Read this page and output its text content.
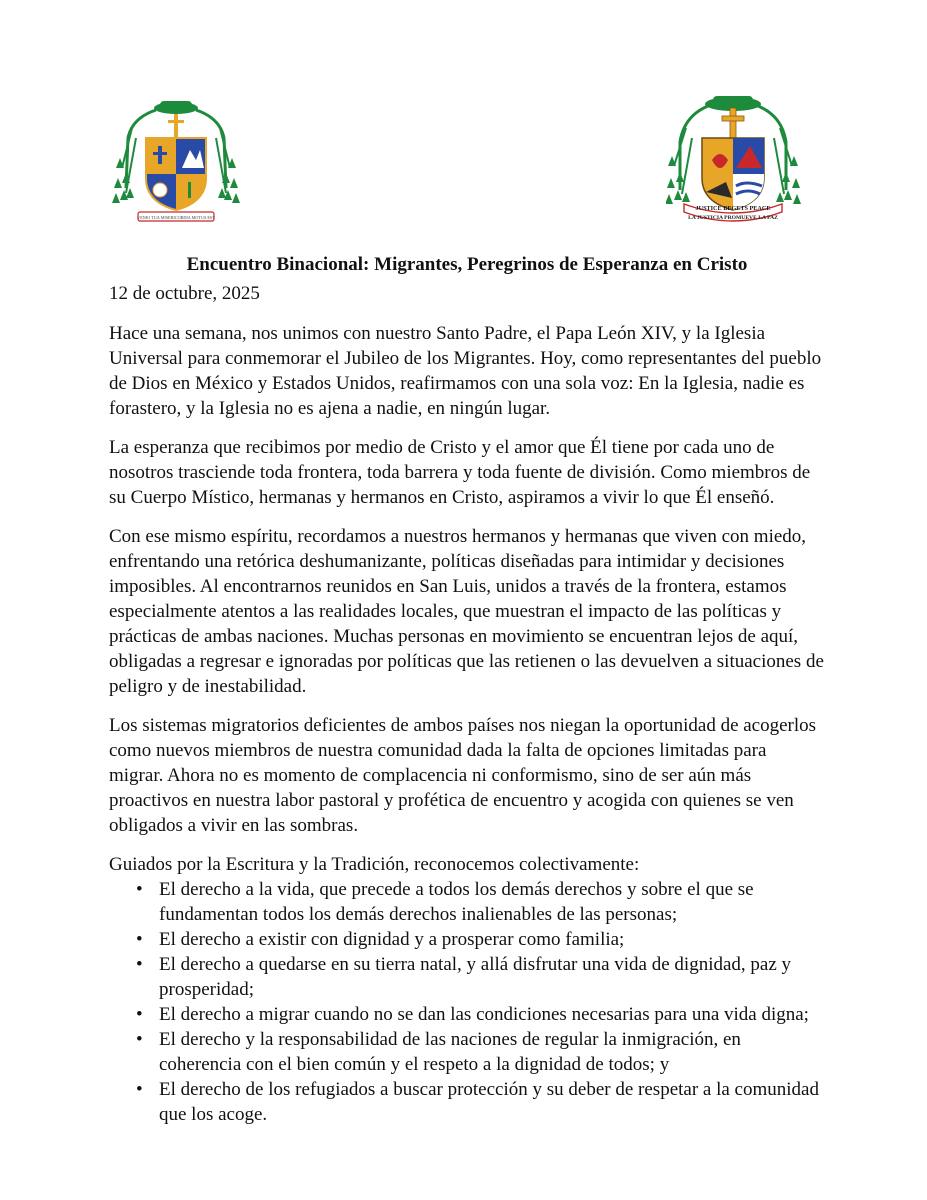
VENIO TUA MISERICORDIA MOTUS EST
JUSTICE BEGETS PEACE
LA JUSTICIA PROMUEVE LA PAZ

Encuentro Binacional: Migrantes, Peregrinos de Esperanza en Cristo

12 de octubre, 2025

Hace una semana, nos unimos con nuestro Santo Padre, el Papa León XIV, y la Iglesia Universal para conmemorar el Jubileo de los Migrantes. Hoy, como representantes del pueblo de Dios en México y Estados Unidos, reafirmamos con una sola voz: En la Iglesia, nadie es forastero, y la Iglesia no es ajena a nadie, en ningún lugar.

La esperanza que recibimos por medio de Cristo y el amor que Él tiene por cada uno de nosotros trasciende toda frontera, toda barrera y toda fuente de división. Como miembros de su Cuerpo Místico, hermanas y hermanos en Cristo, aspiramos a vivir lo que Él enseñó.

Con ese mismo espíritu, recordamos a nuestros hermanos y hermanas que viven con miedo, enfrentando una retórica deshumanizante, políticas diseñadas para intimidar y decisiones imposibles. Al encontrarnos reunidos en San Luis, unidos a través de la frontera, estamos especialmente atentos a las realidades locales, que muestran el impacto de las políticas y prácticas de ambas naciones. Muchas personas en movimiento se encuentran lejos de aquí, obligadas a regresar e ignoradas por políticas que las retienen o las devuelven a situaciones de peligro y de inestabilidad.

Los sistemas migratorios deficientes de ambos países nos niegan la oportunidad de acogerlos como nuevos miembros de nuestra comunidad dada la falta de opciones limitadas para migrar. Ahora no es momento de complacencia ni conformismo, sino de ser aún más proactivos en nuestra labor pastoral y profética de encuentro y acogida con quienes se ven obligados a vivir en las sombras.

Guiados por la Escritura y la Tradición, reconocemos colectivamente:

• El derecho a la vida, que precede a todos los demás derechos y sobre el que se fundamentan todos los demás derechos inalienables de las personas;
• El derecho a existir con dignidad y a prosperar como familia;
• El derecho a quedarse en su tierra natal, y allá disfrutar una vida de dignidad, paz y prosperidad;
• El derecho a migrar cuando no se dan las condiciones necesarias para una vida digna;
• El derecho y la responsabilidad de las naciones de regular la inmigración, en coherencia con el bien común y el respeto a la dignidad de todos; y
• El derecho de los refugiados a buscar protección y su deber de respetar a la comunidad que los acoge.
